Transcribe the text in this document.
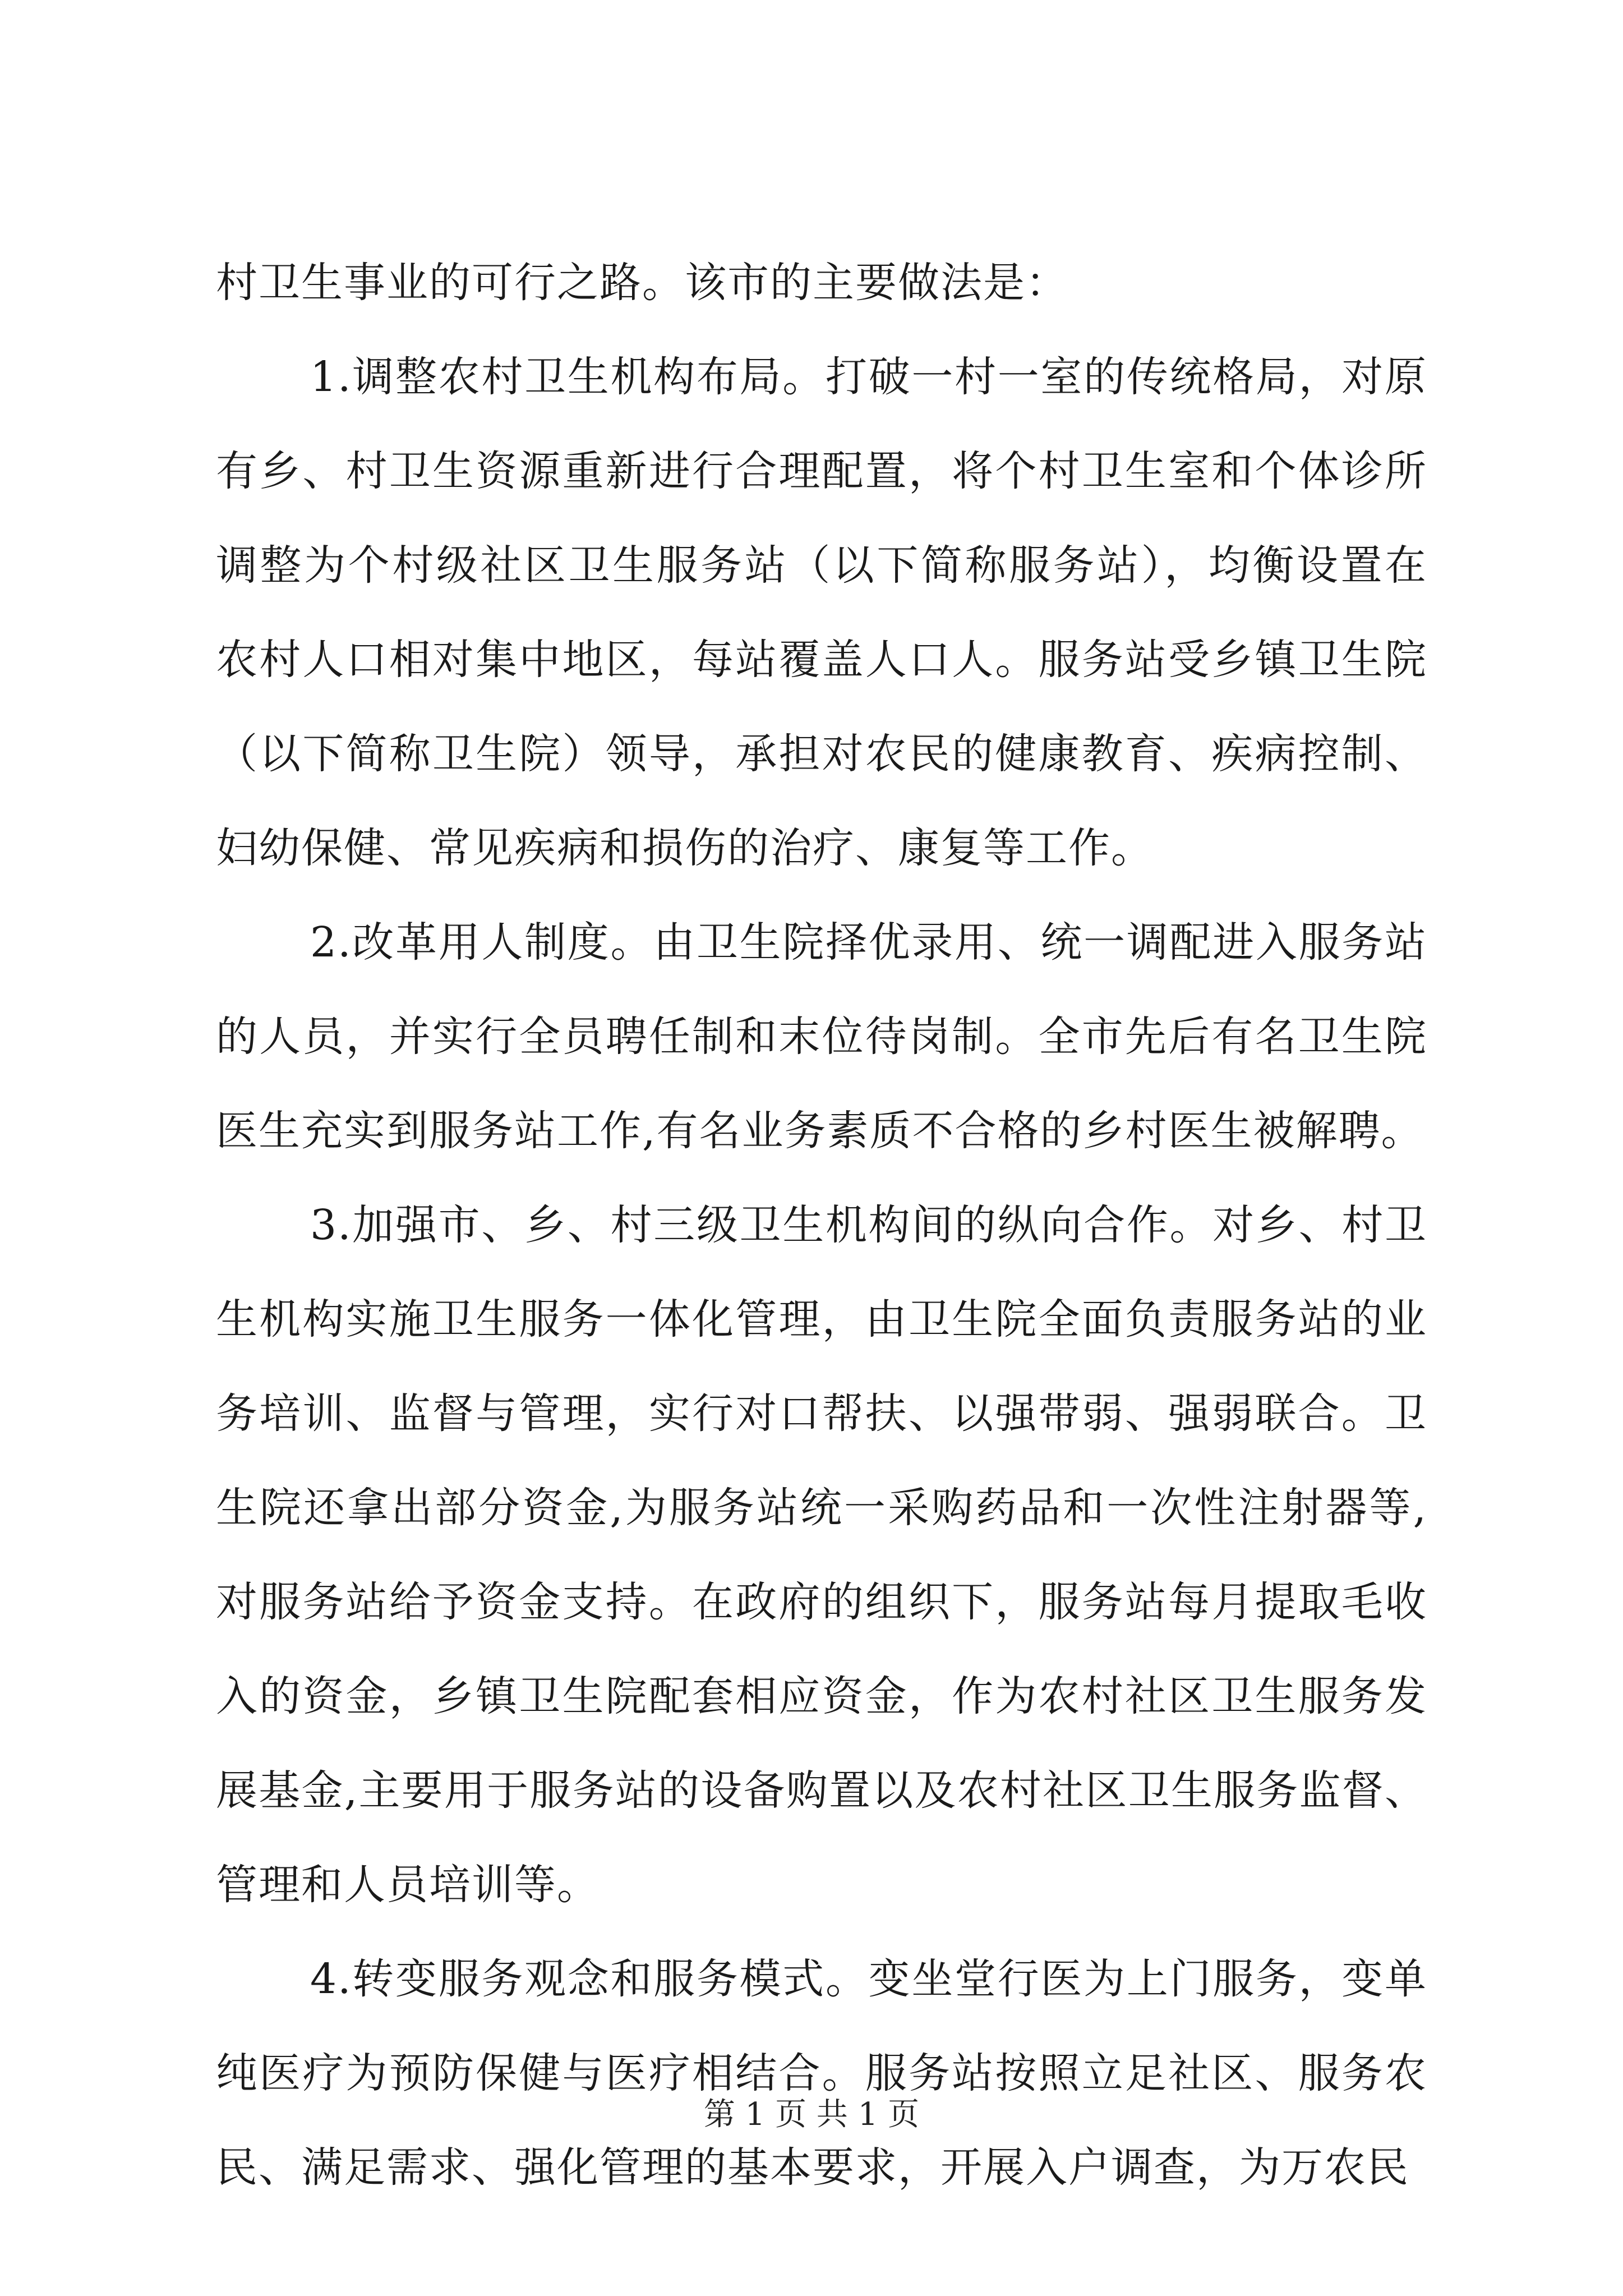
村卫生事业的可行之路。该市的主要做法是：

1.调整农村卫生机构布局。打破一村一室的传统格局，对原有乡、村卫生资源重新进行合理配置，将个村卫生室和个体诊所调整为个村级社区卫生服务站（以下简称服务站），均衡设置在农村人口相对集中地区，每站覆盖人口人。服务站受乡镇卫生院（以下简称卫生院）领导，承担对农民的健康教育、疾病控制、妇幼保健、常见疾病和损伤的治疗、康复等工作。

2.改革用人制度。由卫生院择优录用、统一调配进入服务站的人员，并实行全员聘任制和末位待岗制。全市先后有名卫生院医生充实到服务站工作,有名业务素质不合格的乡村医生被解聘。

3.加强市、乡、村三级卫生机构间的纵向合作。对乡、村卫生机构实施卫生服务一体化管理，由卫生院全面负责服务站的业务培训、监督与管理，实行对口帮扶、以强带弱、强弱联合。卫生院还拿出部分资金,为服务站统一采购药品和一次性注射器等,对服务站给予资金支持。在政府的组织下，服务站每月提取毛收入的资金，乡镇卫生院配套相应资金，作为农村社区卫生服务发展基金,主要用于服务站的设备购置以及农村社区卫生服务监督、管理和人员培训等。

4.转变服务观念和服务模式。变坐堂行医为上门服务，变单纯医疗为预防保健与医疗相结合。服务站按照立足社区、服务农民、满足需求、强化管理的基本要求，开展入户调查，为万农民

第 1 页 共 1 页
